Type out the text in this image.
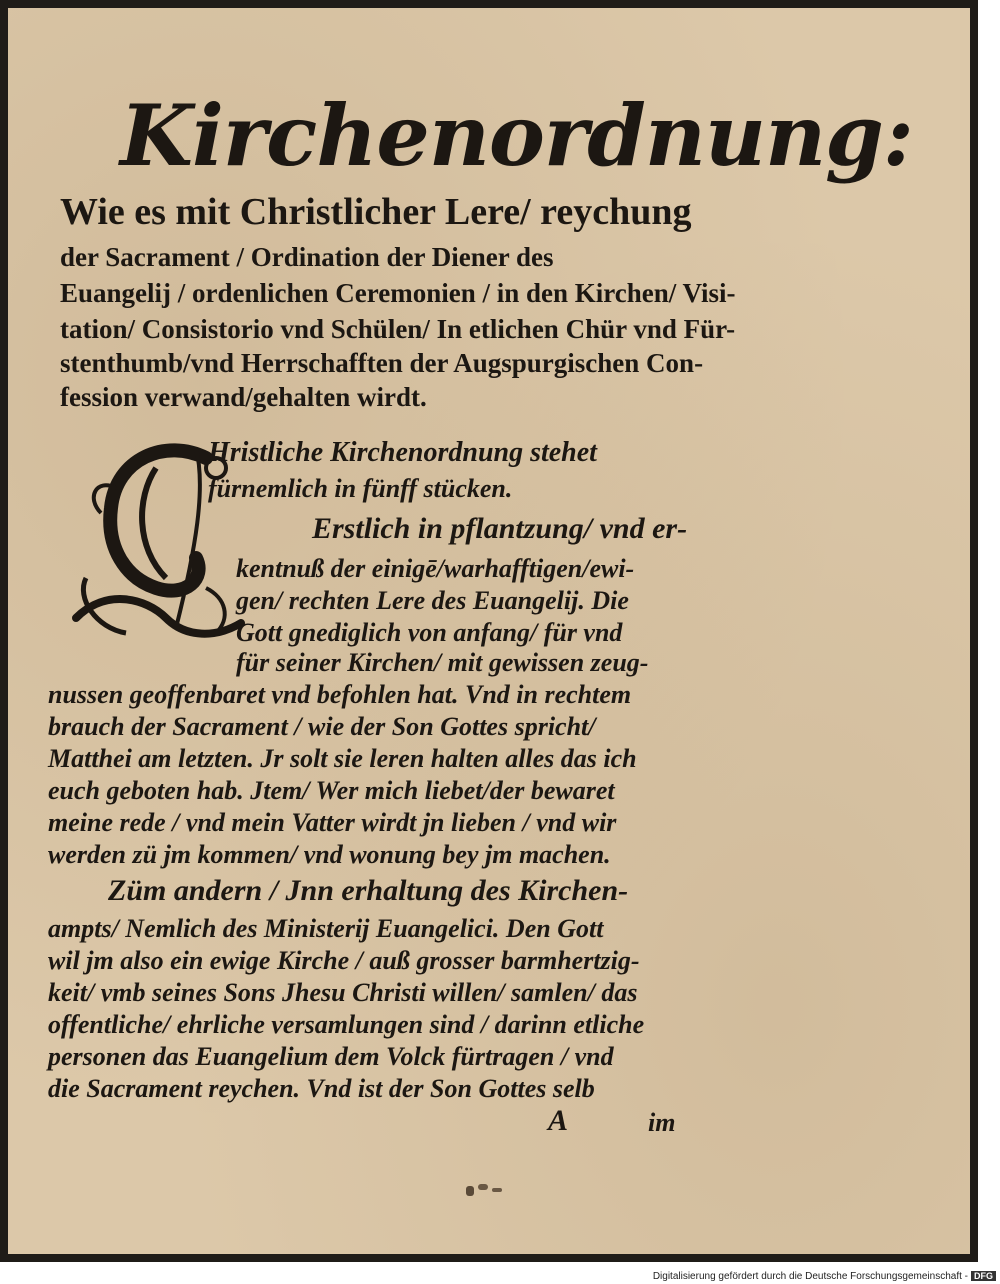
Kirchenordnung:

Wie es mit Christlicher Lere/ reychung

der Sacrament / Ordination der Diener des

Euangelij / ordenlichen Ceremonien / in den Kirchen/ Visi-

tation/ Consistorio vnd Schülen/ In etlichen Chür vnd Für-

stenthumb/vnd Herrschafften der Augspurgischen Con-

fession verwand/gehalten wirdt.

Hristliche Kirchenordnung stehet

fürnemlich in fünff stücken.

Erstlich in pflantzung/ vnd er-

kentnuß der einigē/warhafftigen/ewi-

gen/ rechten Lere des Euangelij. Die

Gott gnediglich von anfang/ für vnd

für seiner Kirchen/ mit gewissen zeug-

nussen geoffenbaret vnd befohlen hat. Vnd in rechtem

brauch der Sacrament / wie der Son Gottes spricht/

Matthei am letzten. Jr solt sie leren halten alles das ich

euch geboten hab. Jtem/ Wer mich liebet/der bewaret

meine rede / vnd mein Vatter wirdt jn lieben / vnd wir

werden zü jm kommen/ vnd wonung bey jm machen.

Züm andern / Jnn erhaltung des Kirchen-

ampts/ Nemlich des Ministerij Euangelici. Den Gott

wil jm also ein ewige Kirche / auß grosser barmhertzig-

keit/ vmb seines Sons Jhesu Christi willen/ samlen/ das

offentliche/ ehrliche versamlungen sind / darinn etliche

personen das Euangelium dem Volck fürtragen / vnd

die Sacrament reychen. Vnd ist der Son Gottes selb

A	im

Digitalisierung gefördert durch die Deutsche Forschungsgemeinschaft - DFG
